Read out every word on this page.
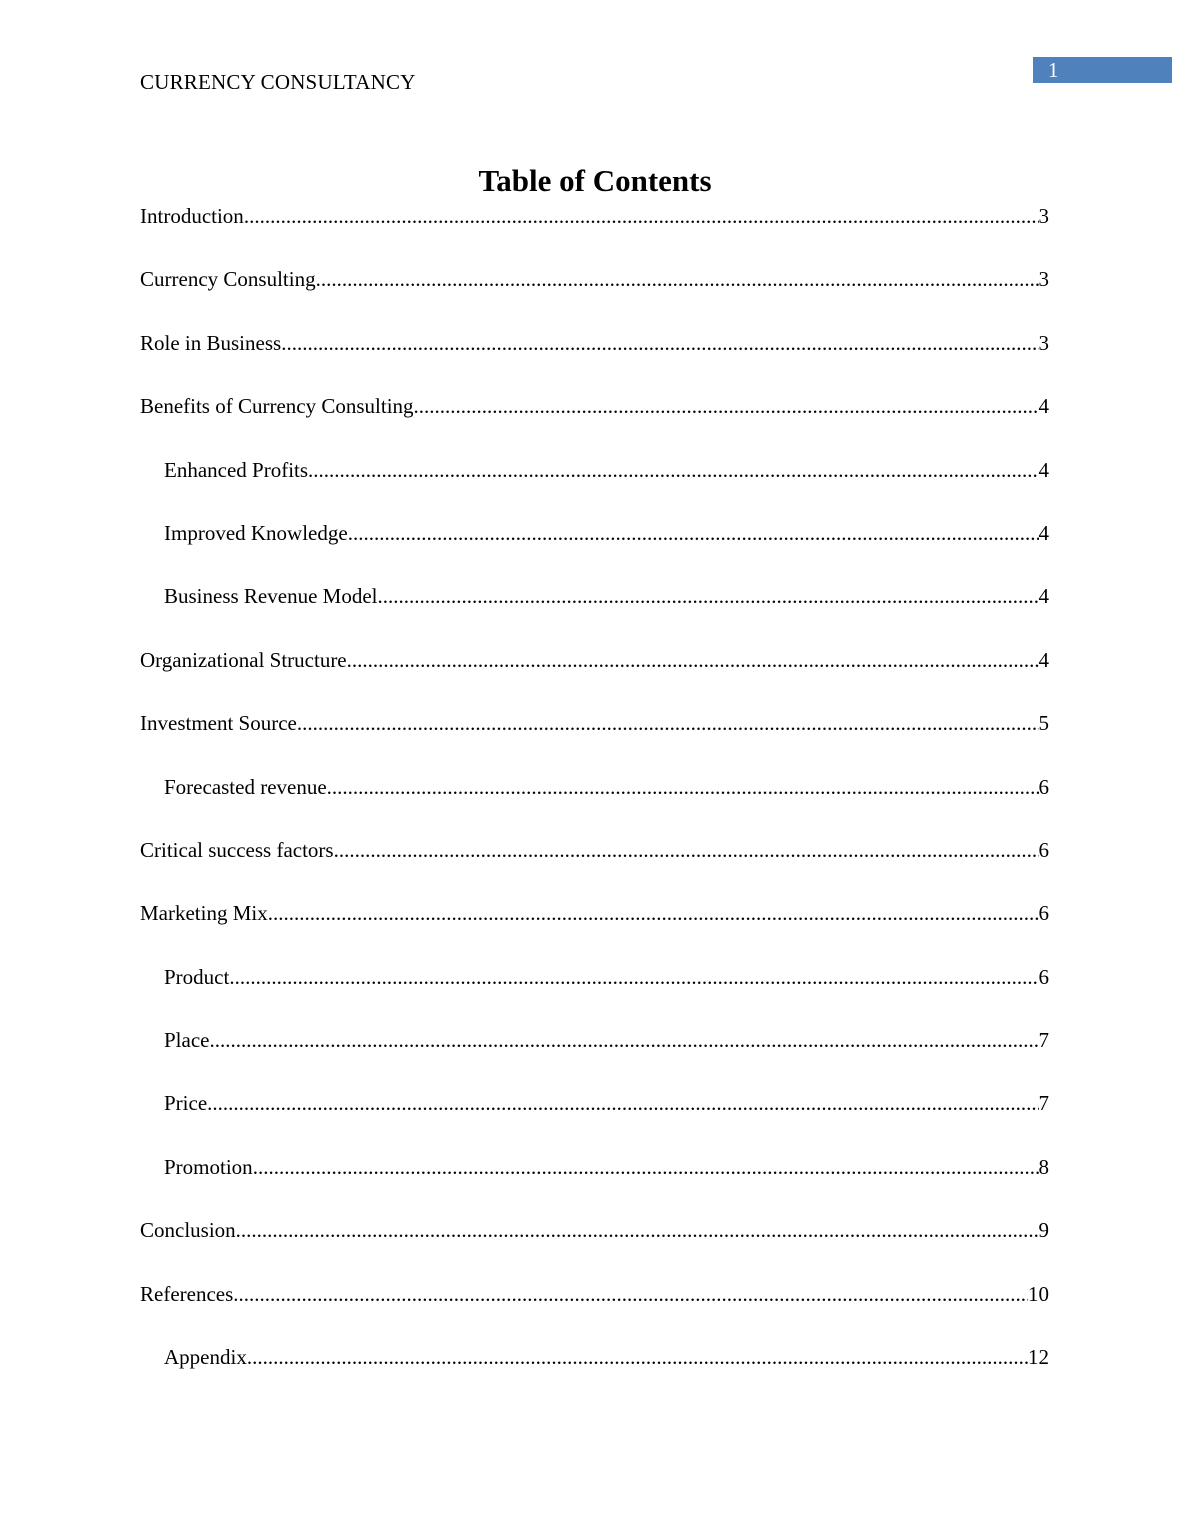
CURRENCY CONSULTANCY	1
Table of Contents
Introduction .....	3
Currency Consulting .....	3
Role in Business .....	3
Benefits of Currency Consulting .....	4
Enhanced Profits .....	4
Improved Knowledge .....	4
Business Revenue Model .....	4
Organizational Structure .....	4
Investment Source .....	5
Forecasted revenue .....	6
Critical success factors .....	6
Marketing Mix .....	6
Product .....	6
Place .....	7
Price .....	7
Promotion .....	8
Conclusion .....	9
References .....	10
Appendix .....	12
